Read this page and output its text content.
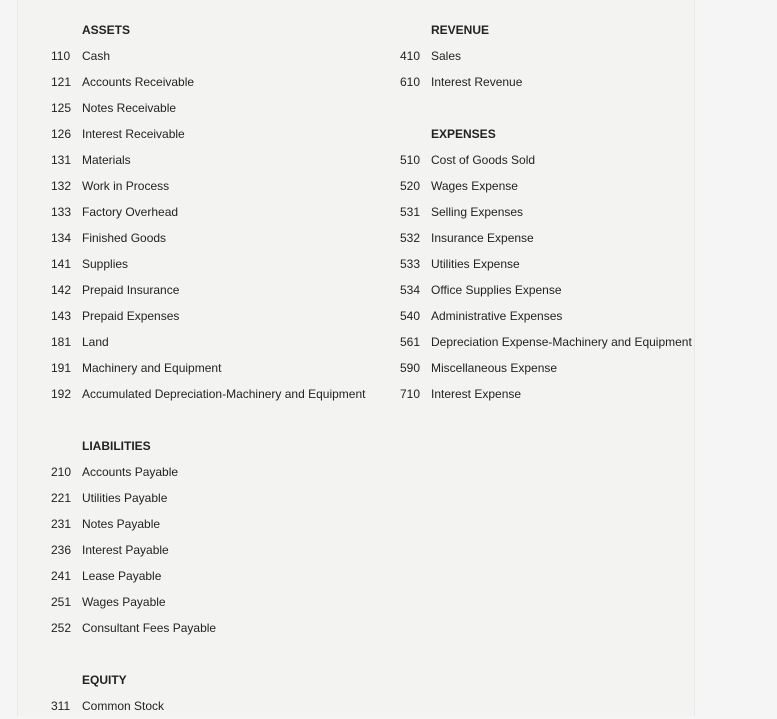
ASSETS
110 Cash
121 Accounts Receivable
125 Notes Receivable
126 Interest Receivable
131 Materials
132 Work in Process
133 Factory Overhead
134 Finished Goods
141 Supplies
142 Prepaid Insurance
143 Prepaid Expenses
181 Land
191 Machinery and Equipment
192 Accumulated Depreciation-Machinery and Equipment
LIABILITIES
210 Accounts Payable
221 Utilities Payable
231 Notes Payable
236 Interest Payable
241 Lease Payable
251 Wages Payable
252 Consultant Fees Payable
EQUITY
311 Common Stock
REVENUE
410 Sales
610 Interest Revenue
EXPENSES
510 Cost of Goods Sold
520 Wages Expense
531 Selling Expenses
532 Insurance Expense
533 Utilities Expense
534 Office Supplies Expense
540 Administrative Expenses
561 Depreciation Expense-Machinery and Equipment
590 Miscellaneous Expense
710 Interest Expense
